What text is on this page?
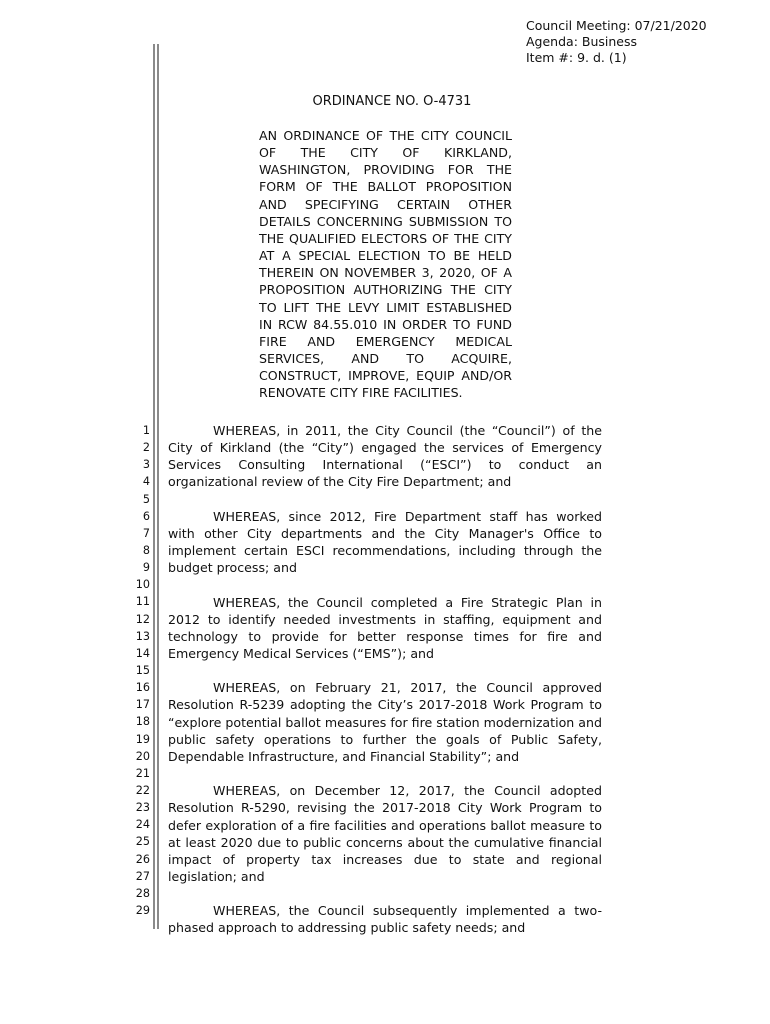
Council Meeting: 07/21/2020
Agenda: Business
Item #: 9. d. (1)
ORDINANCE NO. O-4731
AN ORDINANCE OF THE CITY COUNCIL OF THE CITY OF KIRKLAND, WASHINGTON, PROVIDING FOR THE FORM OF THE BALLOT PROPOSITION AND SPECIFYING CERTAIN OTHER DETAILS CONCERNING SUBMISSION TO THE QUALIFIED ELECTORS OF THE CITY AT A SPECIAL ELECTION TO BE HELD THEREIN ON NOVEMBER 3, 2020, OF A PROPOSITION AUTHORIZING THE CITY TO LIFT THE LEVY LIMIT ESTABLISHED IN RCW 84.55.010 IN ORDER TO FUND FIRE AND EMERGENCY MEDICAL SERVICES, AND TO ACQUIRE, CONSTRUCT, IMPROVE, EQUIP AND/OR RENOVATE CITY FIRE FACILITIES.
1
2
3
4
5
6
7
8
9
10
11
12
13
14
15
16
17
18
19
20
21
22
23
24
25
26
27
28
29

WHEREAS, in 2011, the City Council (the “Council”) of the City of Kirkland (the “City”) engaged the services of Emergency Services Consulting International (“ESCI”) to conduct an organizational review of the City Fire Department; and

WHEREAS, since 2012, Fire Department staff has worked with other City departments and the City Manager's Office to implement certain ESCI recommendations, including through the budget process; and

WHEREAS, the Council completed a Fire Strategic Plan in 2012 to identify needed investments in staffing, equipment and technology to provide for better response times for fire and Emergency Medical Services (“EMS”); and

WHEREAS, on February 21, 2017, the Council approved Resolution R-5239 adopting the City’s 2017-2018 Work Program to “explore potential ballot measures for fire station modernization and public safety operations to further the goals of Public Safety, Dependable Infrastructure, and Financial Stability”; and

WHEREAS, on December 12, 2017, the Council adopted Resolution R-5290, revising the 2017-2018 City Work Program to defer exploration of a fire facilities and operations ballot measure to at least 2020 due to public concerns about the cumulative financial impact of property tax increases due to state and regional legislation; and

WHEREAS, the Council subsequently implemented a two-phased approach to addressing public safety needs; and
